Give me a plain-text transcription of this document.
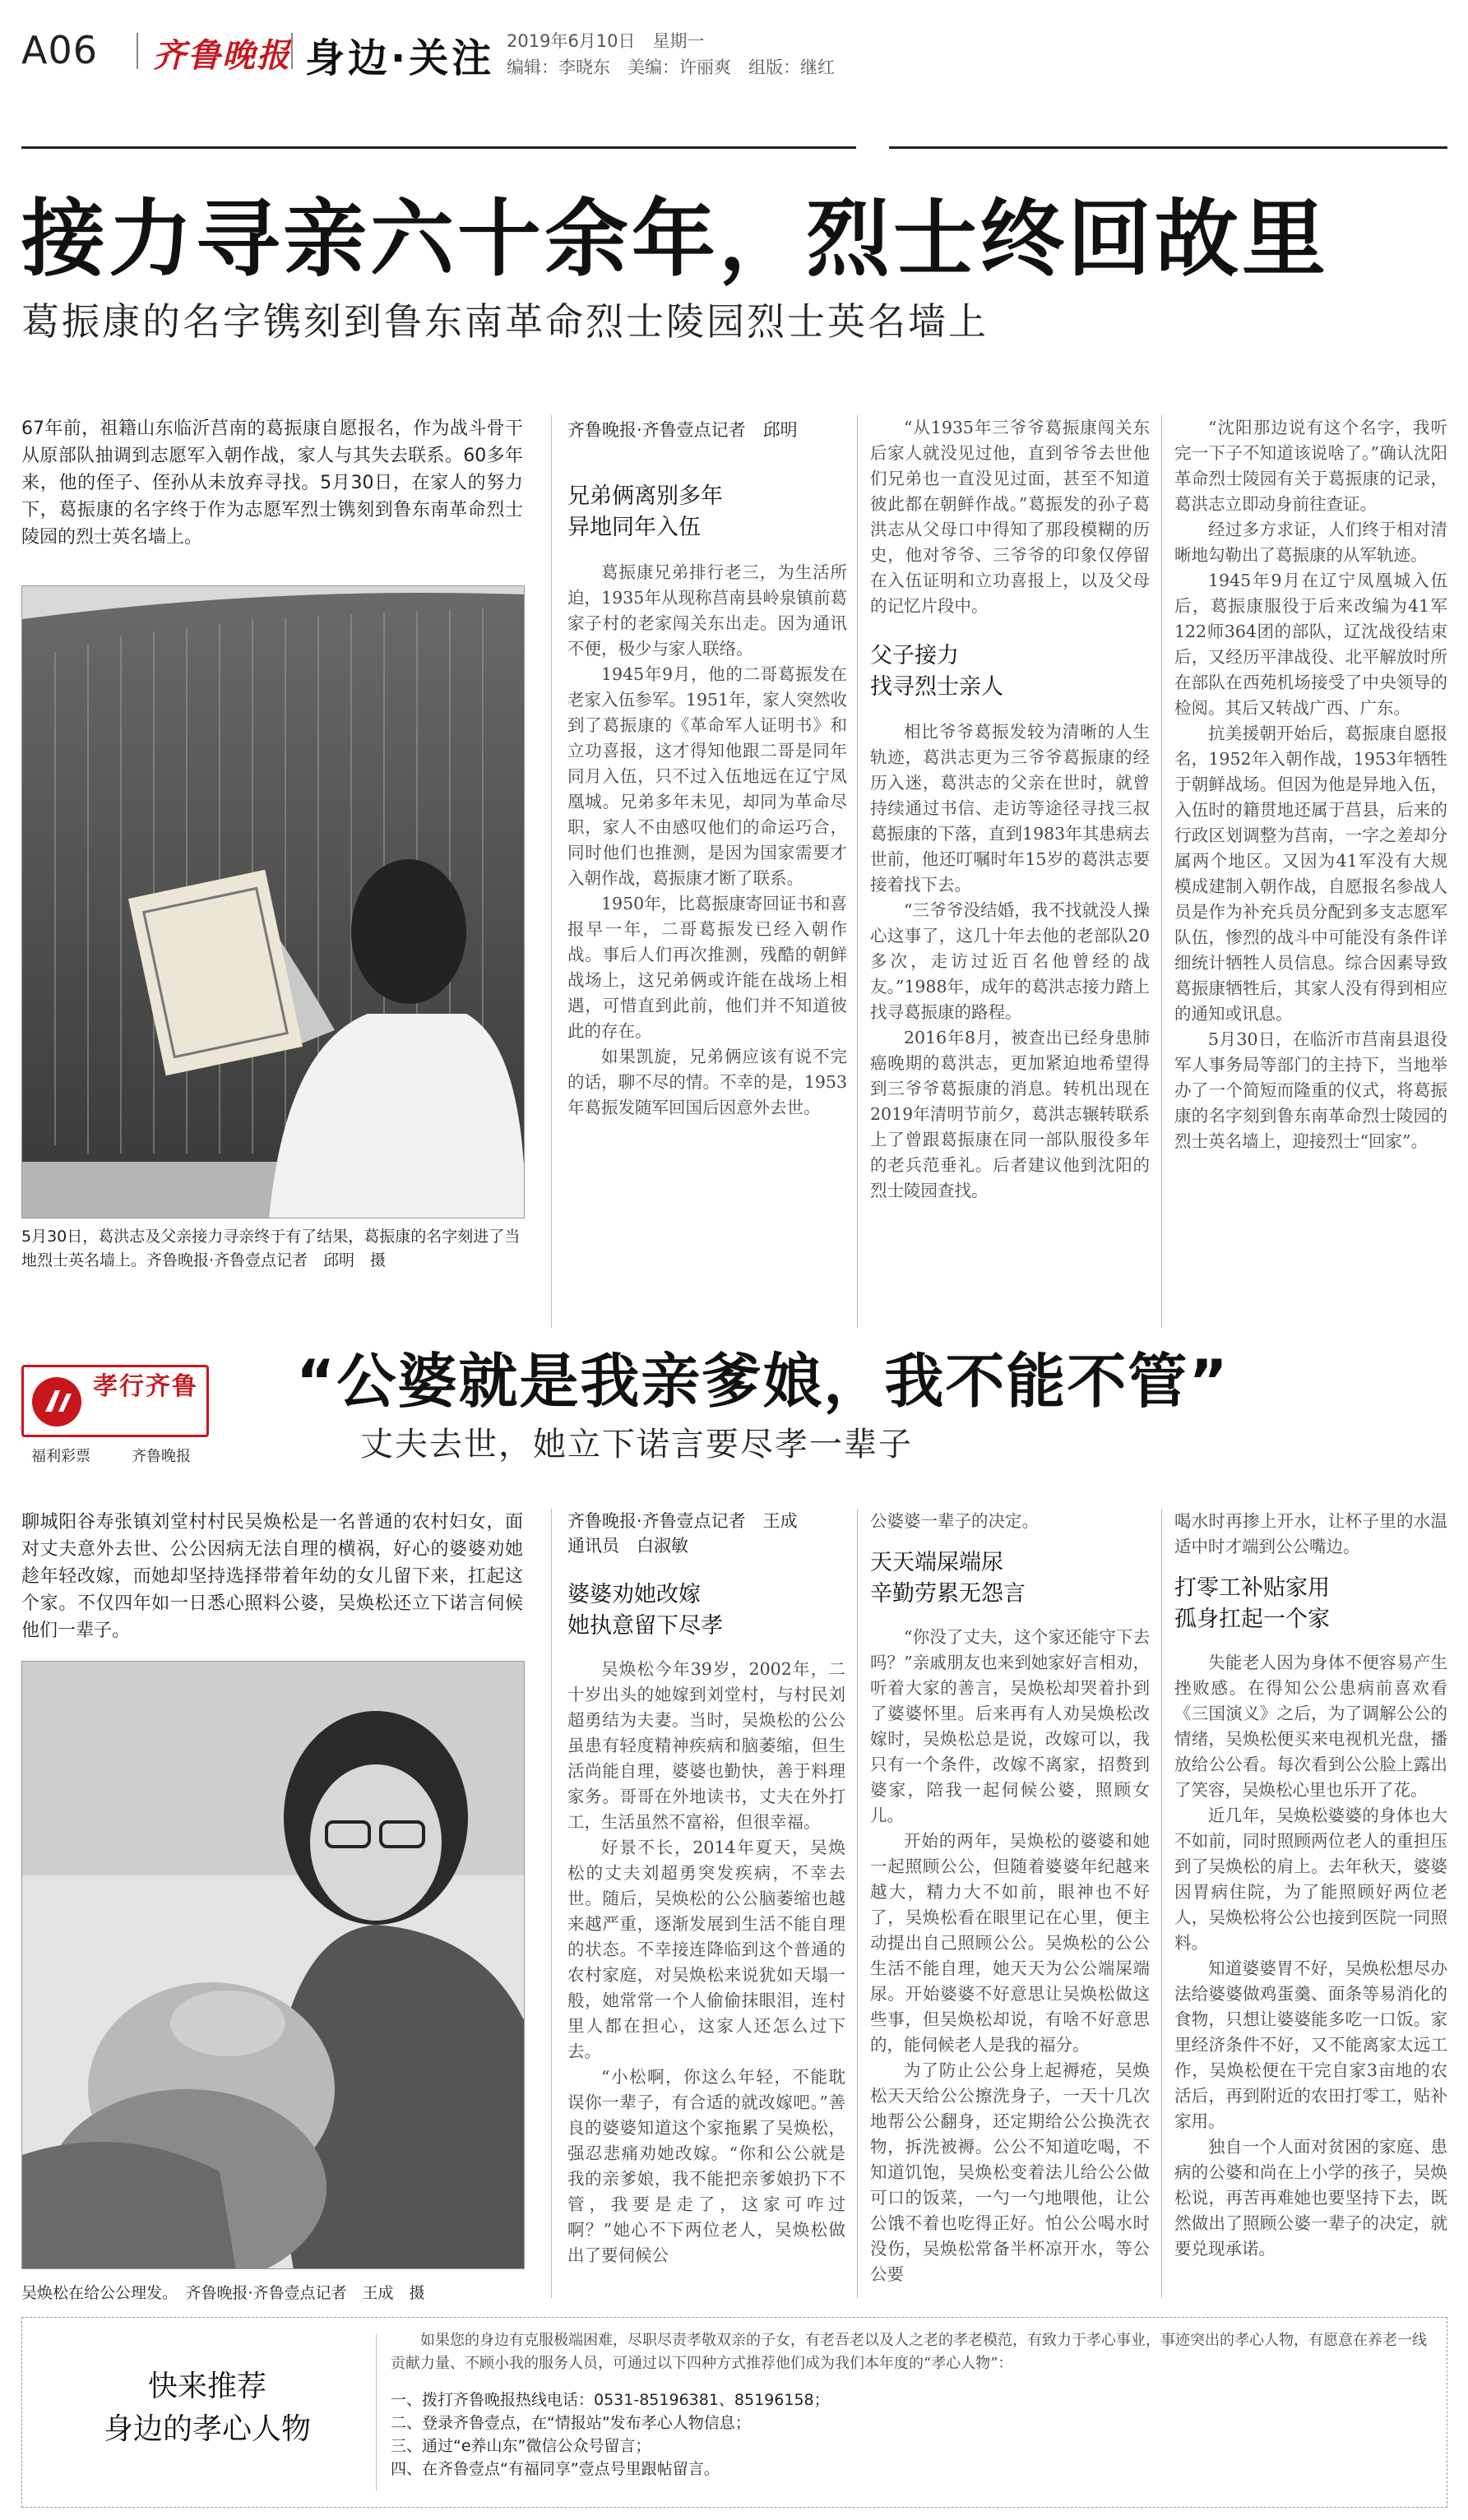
A06 齐鲁晚报 身边·关注 2019年6月10日　星期一
编辑：李晓东　美编：许丽爽　组版：继红
接力寻亲六十余年，烈士终回故里
葛振康的名字镌刻到鲁东南革命烈士陵园烈士英名墙上
67年前，祖籍山东临沂莒南的葛振康自愿报名，作为战斗骨干从原部队抽调到志愿军入朝作战，家人与其失去联系。60多年来，他的侄子、侄孙从未放弃寻找。5月30日，在家人的努力下，葛振康的名字终于作为志愿军烈士镌刻到鲁东南革命烈士陵园的烈士英名墙上。
5月30日，葛洪志及父亲接力寻亲终于有了结果，葛振康的名字刻进了当地烈士英名墙上。齐鲁晚报·齐鲁壹点记者　邱明　摄
齐鲁晚报·齐鲁壹点记者　邱明
兄弟俩离别多年
异地同年入伍

葛振康兄弟排行老三，为生活所迫，1935年从现称莒南县岭泉镇前葛家子村的老家闯关东出走。因为通讯不便，极少与家人联络。

1945年9月，他的二哥葛振发在老家入伍参军。1951年，家人突然收到了葛振康的《革命军人证明书》和立功喜报，这才得知他跟二哥是同年同月入伍，只不过入伍地远在辽宁凤凰城。兄弟多年未见，却同为革命尽职，家人不由感叹他们的命运巧合，同时他们也推测，是因为国家需要才入朝作战，葛振康才断了联系。

1950年，比葛振康寄回证书和喜报早一年，二哥葛振发已经入朝作战。事后人们再次推测，残酷的朝鲜战场上，这兄弟俩或许能在战场上相遇，可惜直到此前，他们并不知道彼此的存在。

如果凯旋，兄弟俩应该有说不完的话，聊不尽的情。不幸的是，1953年葛振发随军回国后因意外去世。

“从1935年三爷爷葛振康闯关东后家人就没见过他，直到爷爷去世他们兄弟也一直没见过面，甚至不知道彼此都在朝鲜作战。”葛振发的孙子葛洪志从父母口中得知了那段模糊的历史，他对爷爷、三爷爷的印象仅停留在入伍证明和立功喜报上，以及父母的记忆片段中。

父子接力
找寻烈士亲人

相比爷爷葛振发较为清晰的人生轨迹，葛洪志更为三爷爷葛振康的经历入迷，葛洪志的父亲在世时，就曾持续通过书信、走访等途径寻找三叔葛振康的下落，直到1983年其患病去世前，他还叮嘱时年15岁的葛洪志要接着找下去。

“三爷爷没结婚，我不找就没人操心这事了，这几十年去他的老部队20多次，走访过近百名他曾经的战友。”1988年，成年的葛洪志接力踏上找寻葛振康的路程。

2016年8月，被查出已经身患肺癌晚期的葛洪志，更加紧迫地希望得到三爷爷葛振康的消息。转机出现在2019年清明节前夕，葛洪志辗转联系上了曾跟葛振康在同一部队服役多年的老兵范垂礼。后者建议他到沈阳的烈士陵园查找。

“沈阳那边说有这个名字，我听完一下子不知道该说啥了。”确认沈阳革命烈士陵园有关于葛振康的记录，葛洪志立即动身前往查证。

经过多方求证，人们终于相对清晰地勾勒出了葛振康的从军轨迹。

1945年9月在辽宁凤凰城入伍后，葛振康服役于后来改编为41军122师364团的部队，辽沈战役结束后，又经历平津战役、北平解放时所在部队在西苑机场接受了中央领导的检阅。其后又转战广西、广东。

抗美援朝开始后，葛振康自愿报名，1952年入朝作战，1953年牺牲于朝鲜战场。但因为他是异地入伍，入伍时的籍贯地还属于莒县，后来的行政区划调整为莒南，一字之差却分属两个地区。又因为41军没有大规模成建制入朝作战，自愿报名参战人员是作为补充兵员分配到多支志愿军队伍，惨烈的战斗中可能没有条件详细统计牺牲人员信息。综合因素导致葛振康牺牲后，其家人没有得到相应的通知或讯息。

5月30日，在临沂市莒南县退役军人事务局等部门的主持下，当地举办了一个简短而隆重的仪式，将葛振康的名字刻到鲁东南革命烈士陵园的烈士英名墙上，迎接烈士“回家”。

孝行齐鲁
福利彩票	齐鲁晚报
“公婆就是我亲爹娘，我不能不管”
丈夫去世，她立下诺言要尽孝一辈子
聊城阳谷寿张镇刘堂村村民吴焕松是一名普通的农村妇女，面对丈夫意外去世、公公因病无法自理的横祸，好心的婆婆劝她趁年轻改嫁，而她却坚持选择带着年幼的女儿留下来，扛起这个家。不仅四年如一日悉心照料公婆，吴焕松还立下诺言伺候他们一辈子。
吴焕松在给公公理发。　齐鲁晚报·齐鲁壹点记者　王成　摄
齐鲁晚报·齐鲁壹点记者　王成
通讯员　白淑敏
婆婆劝她改嫁
她执意留下尽孝

吴焕松今年39岁，2002年，二十岁出头的她嫁到刘堂村，与村民刘超勇结为夫妻。当时，吴焕松的公公虽患有轻度精神疾病和脑萎缩，但生活尚能自理，婆婆也勤快，善于料理家务。哥哥在外地读书，丈夫在外打工，生活虽然不富裕，但很幸福。

好景不长，2014年夏天，吴焕松的丈夫刘超勇突发疾病，不幸去世。随后，吴焕松的公公脑萎缩也越来越严重，逐渐发展到生活不能自理的状态。不幸接连降临到这个普通的农村家庭，对吴焕松来说犹如天塌一般，她常常一个人偷偷抹眼泪，连村里人都在担心，这家人还怎么过下去。

“小松啊，你这么年轻，不能耽误你一辈子，有合适的就改嫁吧。”善良的婆婆知道这个家拖累了吴焕松，强忍悲痛劝她改嫁。“你和公公就是我的亲爹娘，我不能把亲爹娘扔下不管，我要是走了，这家可咋过啊？”她心不下两位老人，吴焕松做出了要伺候公

公婆婆一辈子的决定。

天天端屎端尿
辛勤劳累无怨言

“你没了丈夫，这个家还能守下去吗？”亲戚朋友也来到她家好言相劝，听着大家的善言，吴焕松却哭着扑到了婆婆怀里。后来再有人劝吴焕松改嫁时，吴焕松总是说，改嫁可以，我只有一个条件，改嫁不离家，招赘到婆家，陪我一起伺候公婆，照顾女儿。

开始的两年，吴焕松的婆婆和她一起照顾公公，但随着婆婆年纪越来越大，精力大不如前，眼神也不好了，吴焕松看在眼里记在心里，便主动提出自己照顾公公。吴焕松的公公生活不能自理，她天天为公公端屎端尿。开始婆婆不好意思让吴焕松做这些事，但吴焕松却说，有啥不好意思的，能伺候老人是我的福分。

为了防止公公身上起褥疮，吴焕松天天给公公擦洗身子，一天十几次地帮公公翻身，还定期给公公换洗衣物，拆洗被褥。公公不知道吃喝，不知道饥饱，吴焕松变着法儿给公公做可口的饭菜，一勺一勺地喂他，让公公饿不着也吃得正好。怕公公喝水时没伤，吴焕松常备半杯凉开水，等公公要

喝水时再掺上开水，让杯子里的水温适中时才端到公公嘴边。

打零工补贴家用
孤身扛起一个家

失能老人因为身体不便容易产生挫败感。在得知公公患病前喜欢看《三国演义》之后，为了调解公公的情绪，吴焕松便买来电视机光盘，播放给公公看。每次看到公公脸上露出了笑容，吴焕松心里也乐开了花。

近几年，吴焕松婆婆的身体也大不如前，同时照顾两位老人的重担压到了吴焕松的肩上。去年秋天，婆婆因胃病住院，为了能照顾好两位老人，吴焕松将公公也接到医院一同照料。

知道婆婆胃不好，吴焕松想尽办法给婆婆做鸡蛋羹、面条等易消化的食物，只想让婆婆能多吃一口饭。家里经济条件不好，又不能离家太远工作，吴焕松便在干完自家3亩地的农活后，再到附近的农田打零工，贴补家用。

独自一个人面对贫困的家庭、患病的公婆和尚在上小学的孩子，吴焕松说，再苦再难她也要坚持下去，既然做出了照顾公婆一辈子的决定，就要兑现承诺。

快来推荐
身边的孝心人物
如果您的身边有克服极端困难，尽职尽责孝敬双亲的子女，有老吾老以及人之老的孝老模范，有致力于孝心事业，事迹突出的孝心人物，有愿意在养老一线贡献力量、不顾小我的服务人员，可通过以下四种方式推荐他们成为我们本年度的“孝心人物”：
一、拨打齐鲁晚报热线电话：0531-85196381、85196158；
二、登录齐鲁壹点，在“情报站”发布孝心人物信息；
三、通过“e养山东”微信公众号留言；
四、在齐鲁壹点“有福同享”壹点号里跟帖留言。
